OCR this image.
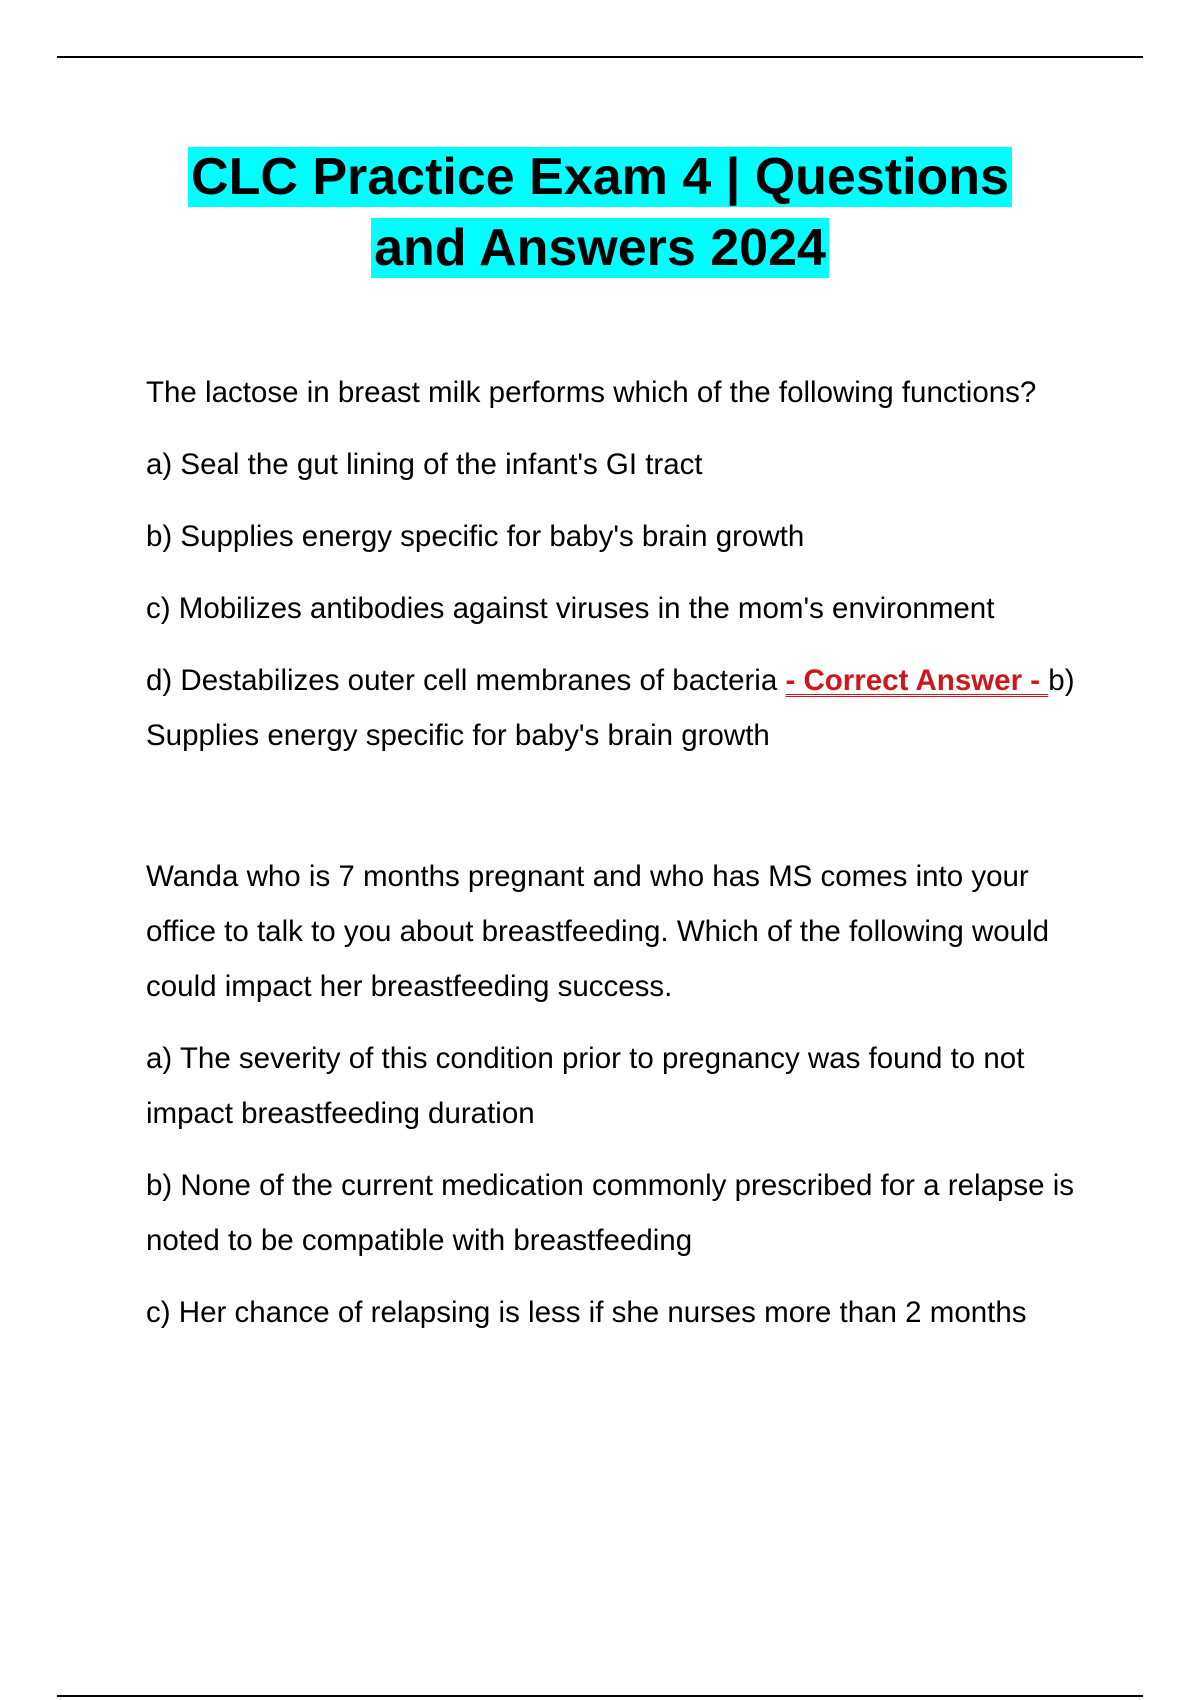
CLC Practice Exam 4 | Questions
and Answers 2024

The lactose in breast milk performs which of the following functions?

a) Seal the gut lining of the infant's GI tract

b) Supplies energy specific for baby's brain growth

c) Mobilizes antibodies against viruses in the mom's environment

d) Destabilizes outer cell membranes of bacteria - Correct Answer - b) Supplies energy specific for baby's brain growth

Wanda who is 7 months pregnant and who has MS comes into your office to talk to you about breastfeeding. Which of the following would could impact her breastfeeding success.

a) The severity of this condition prior to pregnancy was found to not impact breastfeeding duration

b) None of the current medication commonly prescribed for a relapse is noted to be compatible with breastfeeding

c) Her chance of relapsing is less if she nurses more than 2 months
